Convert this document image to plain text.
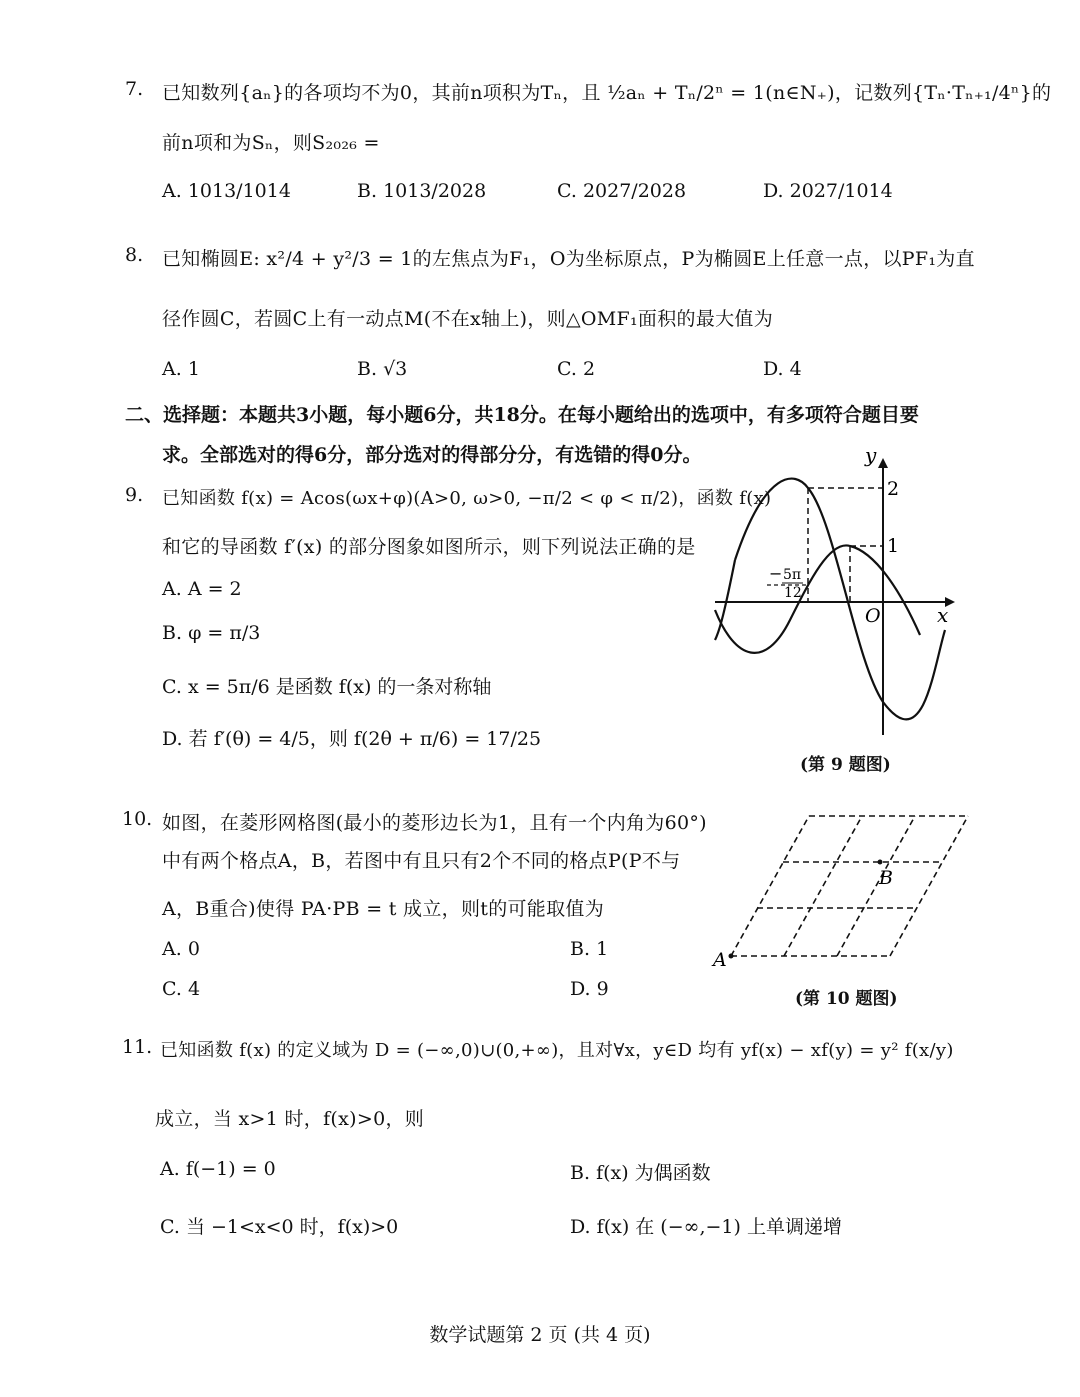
7. 已知数列{aₙ}的各项均不为0，其前n项积为Tₙ，且 ½aₙ + Tₙ/2ⁿ = 1(n∈N₊)，记数列{Tₙ·Tₙ₊₁/4ⁿ}的
前n项和为Sₙ，则S₂₀₂₆ =
A. 1013/1014	B. 1013/2028	C. 2027/2028	D. 2027/1014
8. 已知椭圆E: x²/4 + y²/3 = 1的左焦点为F₁，O为坐标原点，P为椭圆E上任意一点，以PF₁为直
径作圆C，若圆C上有一动点M(不在x轴上)，则△OMF₁面积的最大值为
A. 1	B. √3	C. 2	D. 4
二、选择题：本题共3小题，每小题6分，共18分。在每小题给出的选项中，有多项符合题目要
求。全部选对的得6分，部分选对的得部分分，有选错的得0分。
9. 已知函数 f(x) = Acos(ωx+φ)(A>0, ω>0, −π/2 < φ < π/2)，函数 f(x)
和它的导函数 f′(x) 的部分图象如图所示，则下列说法正确的是
A. A = 2
B. φ = π/3
C. x = 5π/6 是函数 f(x) 的一条对称轴
D. 若 f′(θ) = 4/5，则 f(2θ + π/6) = 17/25
y
x
O
2
1
− 5π
12
(第 9 题图)
10. 如图，在菱形网格图(最小的菱形边长为1，且有一个内角为60°)
中有两个格点A，B，若图中有且只有2个不同的格点P(P不与
A，B重合)使得 PA·PB = t 成立，则t的可能取值为
A. 0	B. 1
C. 4	D. 9
A
B
(第 10 题图)
11. 已知函数 f(x) 的定义域为 D = (−∞,0)∪(0,+∞)，且对∀x，y∈D 均有 yf(x) − xf(y) = y² f(x/y)
成立，当 x>1 时，f(x)>0，则
A. f(−1) = 0	B. f(x) 为偶函数
C. 当 −1<x<0 时，f(x)>0	D. f(x) 在 (−∞,−1) 上单调递增
数学试题第 2 页 (共 4 页)
